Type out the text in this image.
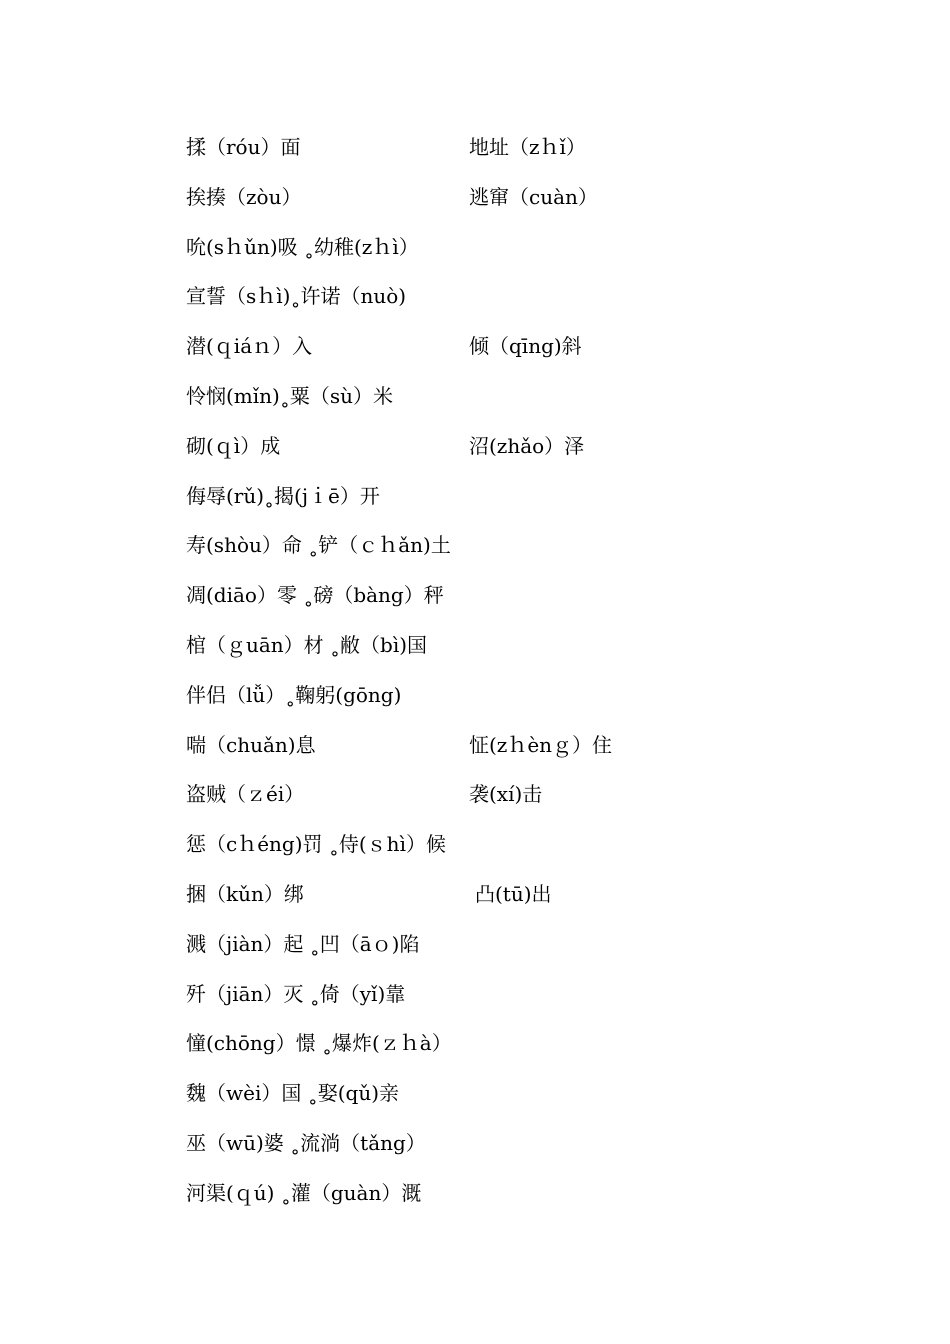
揉（róu）面	地址（zｈǐ）
挨揍（zòu）	逃窜（cuàn）
吮(sｈǔn)吸 ˳幼稚(zｈì）
宣誓（sｈì)˳许诺（nuò)
潜(ｑiáｎ）入	倾（qīng)斜
怜悯(mǐn)˳粟（sù）米
砌(ｑì）成	沼(zhǎo）泽
侮辱(rǔ)˳揭(jｉē）开
寿(shòu）命 ˳铲（ｃｈǎn)土
凋(diāo）零 ˳磅（bàng）秤
棺（ｇuān）材 ˳敝（bì)国
伴侣（lǚ）˳鞠躬(gōng)
喘（chuǎn)息	怔(zｈènｇ）住
盗贼（ｚéi）	袭(xí)击
惩（cｈéng)罚 ˳侍(ｓhì）候
捆（kǔn）绑	凸(tū)出
溅（jiàn）起 ˳凹（āｏ)陷
歼（jiān）灭 ˳倚（yǐ)靠
憧(chōng）憬 ˳爆炸(ｚｈà）
魏（wèi）国 ˳娶(qǔ)亲
巫（wū)婆 ˳流淌（tǎng）
河渠(ｑú) ˳灌（guàn）溉
